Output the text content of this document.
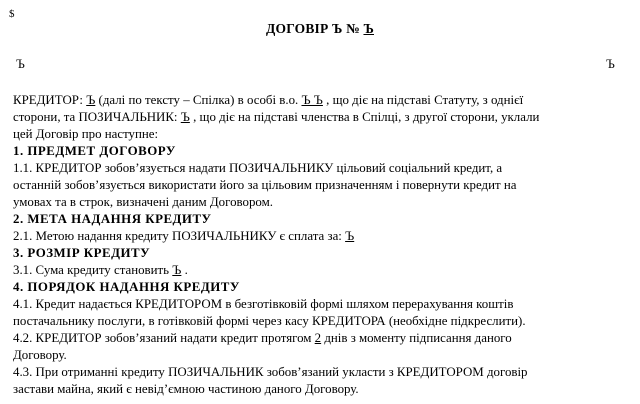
$
ДОГОВІР Ъ № Ъ
Ъ	Ъ
КРЕДИТОР: Ъ (далі по тексту – Спілка) в особі в.о. Ъ Ъ , що діє на підставі Статуту, з однієї
сторони, та ПОЗИЧАЛЬНИК: Ъ , що діє на підставі членства в Спілці, з другої сторони, уклали
цей Договір про наступне:
1. ПРЕДМЕТ ДОГОВОРУ
1.1. КРЕДИТОР зобов’язується надати ПОЗИЧАЛЬНИКУ цільовий соціальний кредит, а
останній зобов’язується використати його за цільовим призначенням і повернути кредит на
умовах та в строк, визначені даним Договором.
2. МЕТА НАДАННЯ КРЕДИТУ
2.1. Метою надання кредиту ПОЗИЧАЛЬНИКУ є сплата за: Ъ
3. РОЗМІР КРЕДИТУ
3.1. Сума кредиту становить Ъ .
4. ПОРЯДОК НАДАННЯ КРЕДИТУ
4.1. Кредит надається КРЕДИТОРОМ в безготівковій формі шляхом перерахування коштів
постачальнику послуги, в готівковій формі через касу КРЕДИТОРА (необхідне підкреслити).
4.2. КРЕДИТОР зобов’язаний надати кредит протягом 2 днів з моменту підписання даного
Договору.
4.3. При отриманні кредиту ПОЗИЧАЛЬНИК зобов’язаний укласти з КРЕДИТОРОМ договір
застави майна, який є невід’ємною частиною даного Договору.
